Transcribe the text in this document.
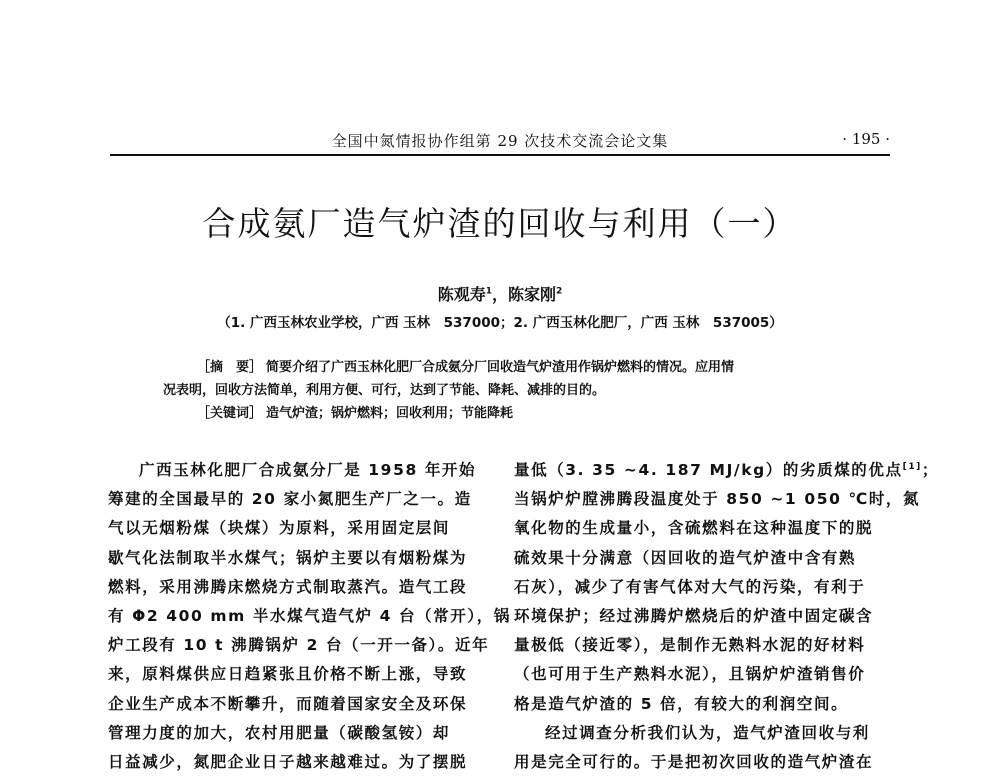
全国中氮情报协作组第 29 次技术交流会论文集	· 195 ·
合成氨厂造气炉渣的回收与利用（一）
陈观寿$^1$，陈家刚$^2$
（1. 广西玉林农业学校，广西 玉林　537000；2. 广西玉林化肥厂，广西 玉林　537005）

［摘　要］ 简要介绍了广西玉林化肥厂合成氨分厂回收造气炉渣用作锅炉燃料的情况。应用情

况表明，回收方法简单，利用方便、可行，达到了节能、降耗、减排的目的。

［关键词］ 造气炉渣；锅炉燃料；回收利用；节能降耗

广西玉林化肥厂合成氨分厂是 1958 年开始
筹建的全国最早的 20 家小氮肥生产厂之一。造
气以无烟粉煤（块煤）为原料，采用固定层间
歇气化法制取半水煤气；锅炉主要以有烟粉煤为
燃料，采用沸腾床燃烧方式制取蒸汽。造气工段
有 Φ2 400 mm 半水煤气造气炉 4 台（常开），锅
炉工段有 10 t 沸腾锅炉 2 台（一开一备）。近年
来，原料煤供应日趋紧张且价格不断上涨，导致
企业生产成本不断攀升，而随着国家安全及环保
管理力度的加大，农村用肥量（碳酸氢铵）却
日益减少，氮肥企业日子越来越难过。为了摆脱
量低（3. 35 ~4. 187 MJ/kg）的劣质煤的优点[1]；
当锅炉炉膛沸腾段温度处于 850 ~1 050 ℃时，氮
氧化物的生成量小，含硫燃料在这种温度下的脱
硫效果十分满意（因回收的造气炉渣中含有熟
石灰），减少了有害气体对大气的污染，有利于
环境保护；经过沸腾炉燃烧后的炉渣中固定碳含
量极低（接近零），是制作无熟料水泥的好材料
（也可用于生产熟料水泥），且锅炉炉渣销售价
格是造气炉渣的 5 倍，有较大的利润空间。
经过调查分析我们认为，造气炉渣回收与利
用是完全可行的。于是把初次回收的造气炉渣在
